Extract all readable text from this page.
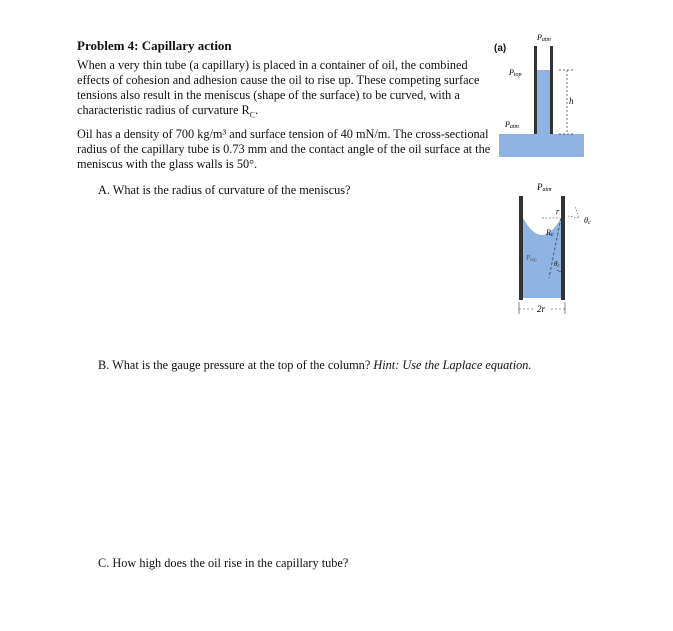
Problem 4: Capillary action
When a very thin tube (a capillary) is placed in a container of oil, the combined effects of cohesion and adhesion cause the oil to rise up. These competing surface tensions also result in the meniscus (shape of the surface) to be curved, with a characteristic radius of curvature $R_C$.
Oil has a density of 700 kg/m³ and surface tension of 40 mN/m. The cross-sectional radius of the capillary tube is 0.73 mm and the contact angle of the oil surface at the meniscus with the glass walls is 50°.
A. What is the radius of curvature of the meniscus?
B. What is the gauge pressure at the top of the column? Hint: Use the Laplace equation.
C. How high does the oil rise in the capillary tube?
(a)
Patm
Ptop
Patm
h
Patm
r
Rc
θc
Ptop
θc
2r
